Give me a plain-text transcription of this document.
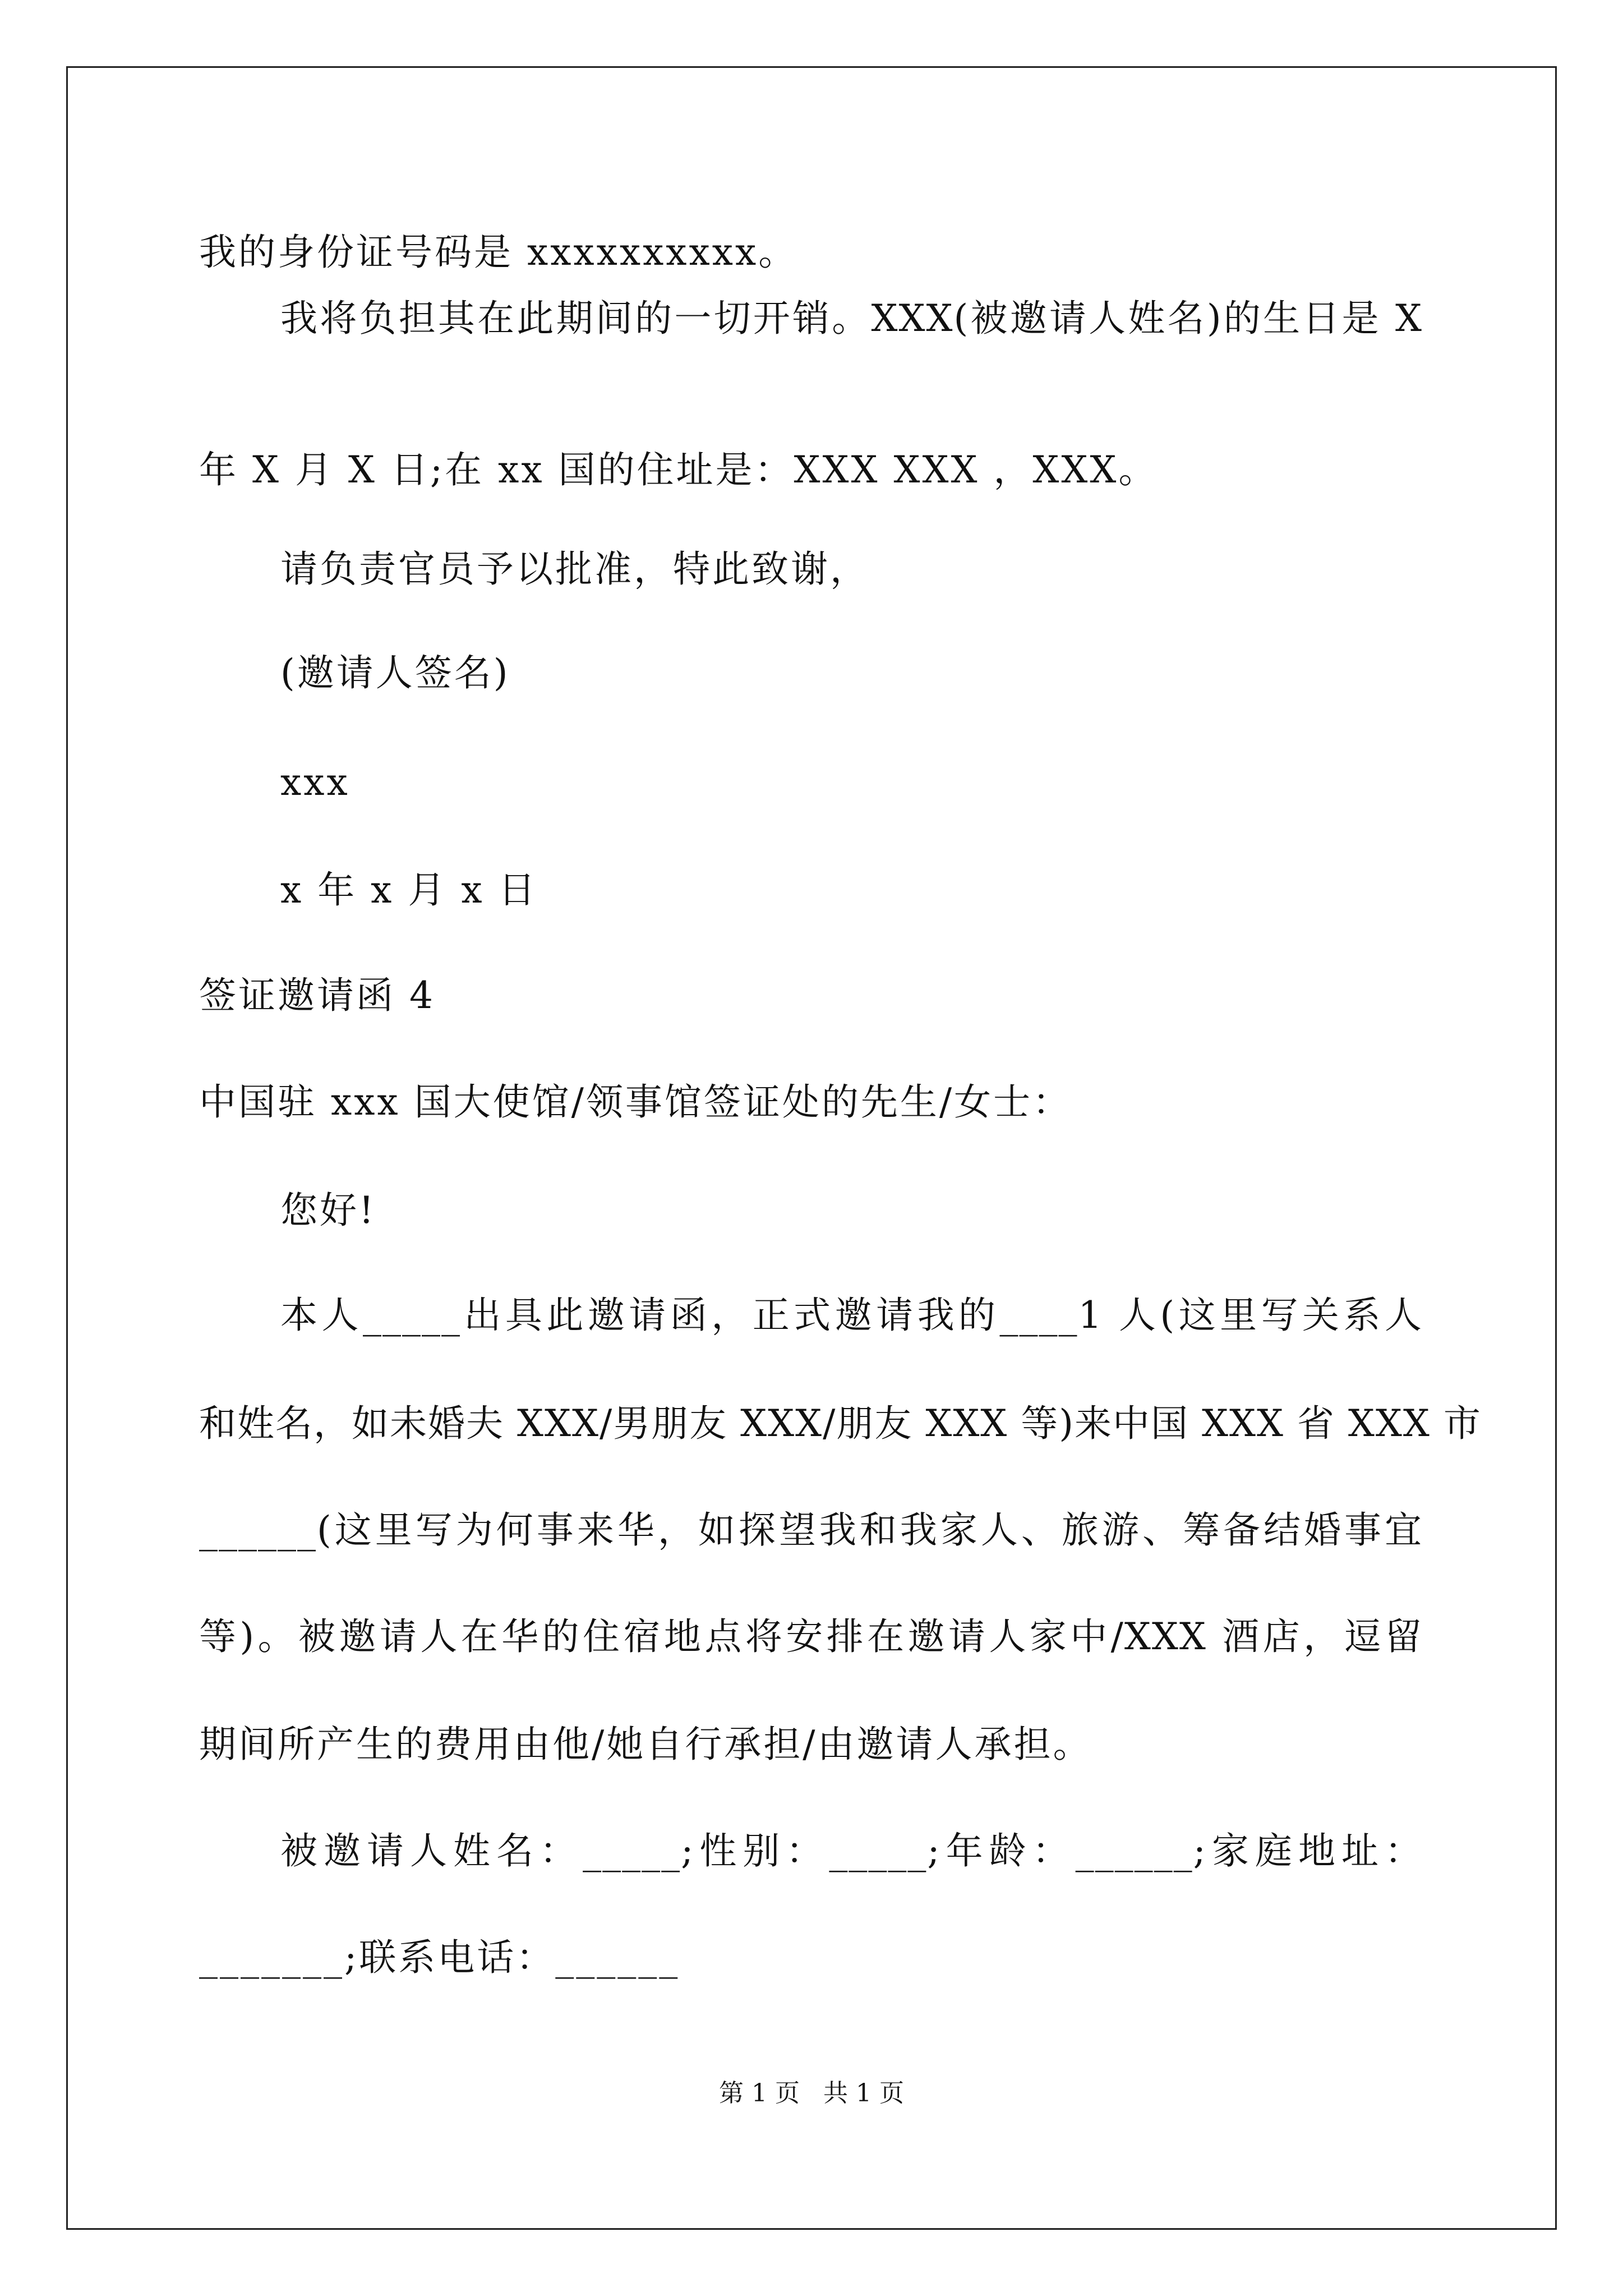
我的身份证号码是 xxxxxxxxxx。
我将负担其在此期间的一切开销。XXX(被邀请人姓名)的生日是 X
年 X 月 X 日;在 xx 国的住址是：XXX XXX ，XXX。
请负责官员予以批准，特此致谢，
(邀请人签名)
xxx
x 年 x 月 x 日
签证邀请函 4
中国驻 xxx 国大使馆/领事馆签证处的先生/女士：
您好!
本人_____出具此邀请函，正式邀请我的____1 人(这里写关系人
和姓名，如未婚夫 XXX/男朋友 XXX/朋友 XXX 等)来中国 XXX 省 XXX 市
______(这里写为何事来华，如探望我和我家人、旅游、筹备结婚事宜
等)。被邀请人在华的住宿地点将安排在邀请人家中/XXX 酒店，逗留
期间所产生的费用由他/她自行承担/由邀请人承担。
被邀请人姓名：_____;性别：_____;年龄：______;家庭地址：
_______;联系电话：______
第 1 页   共 1 页
